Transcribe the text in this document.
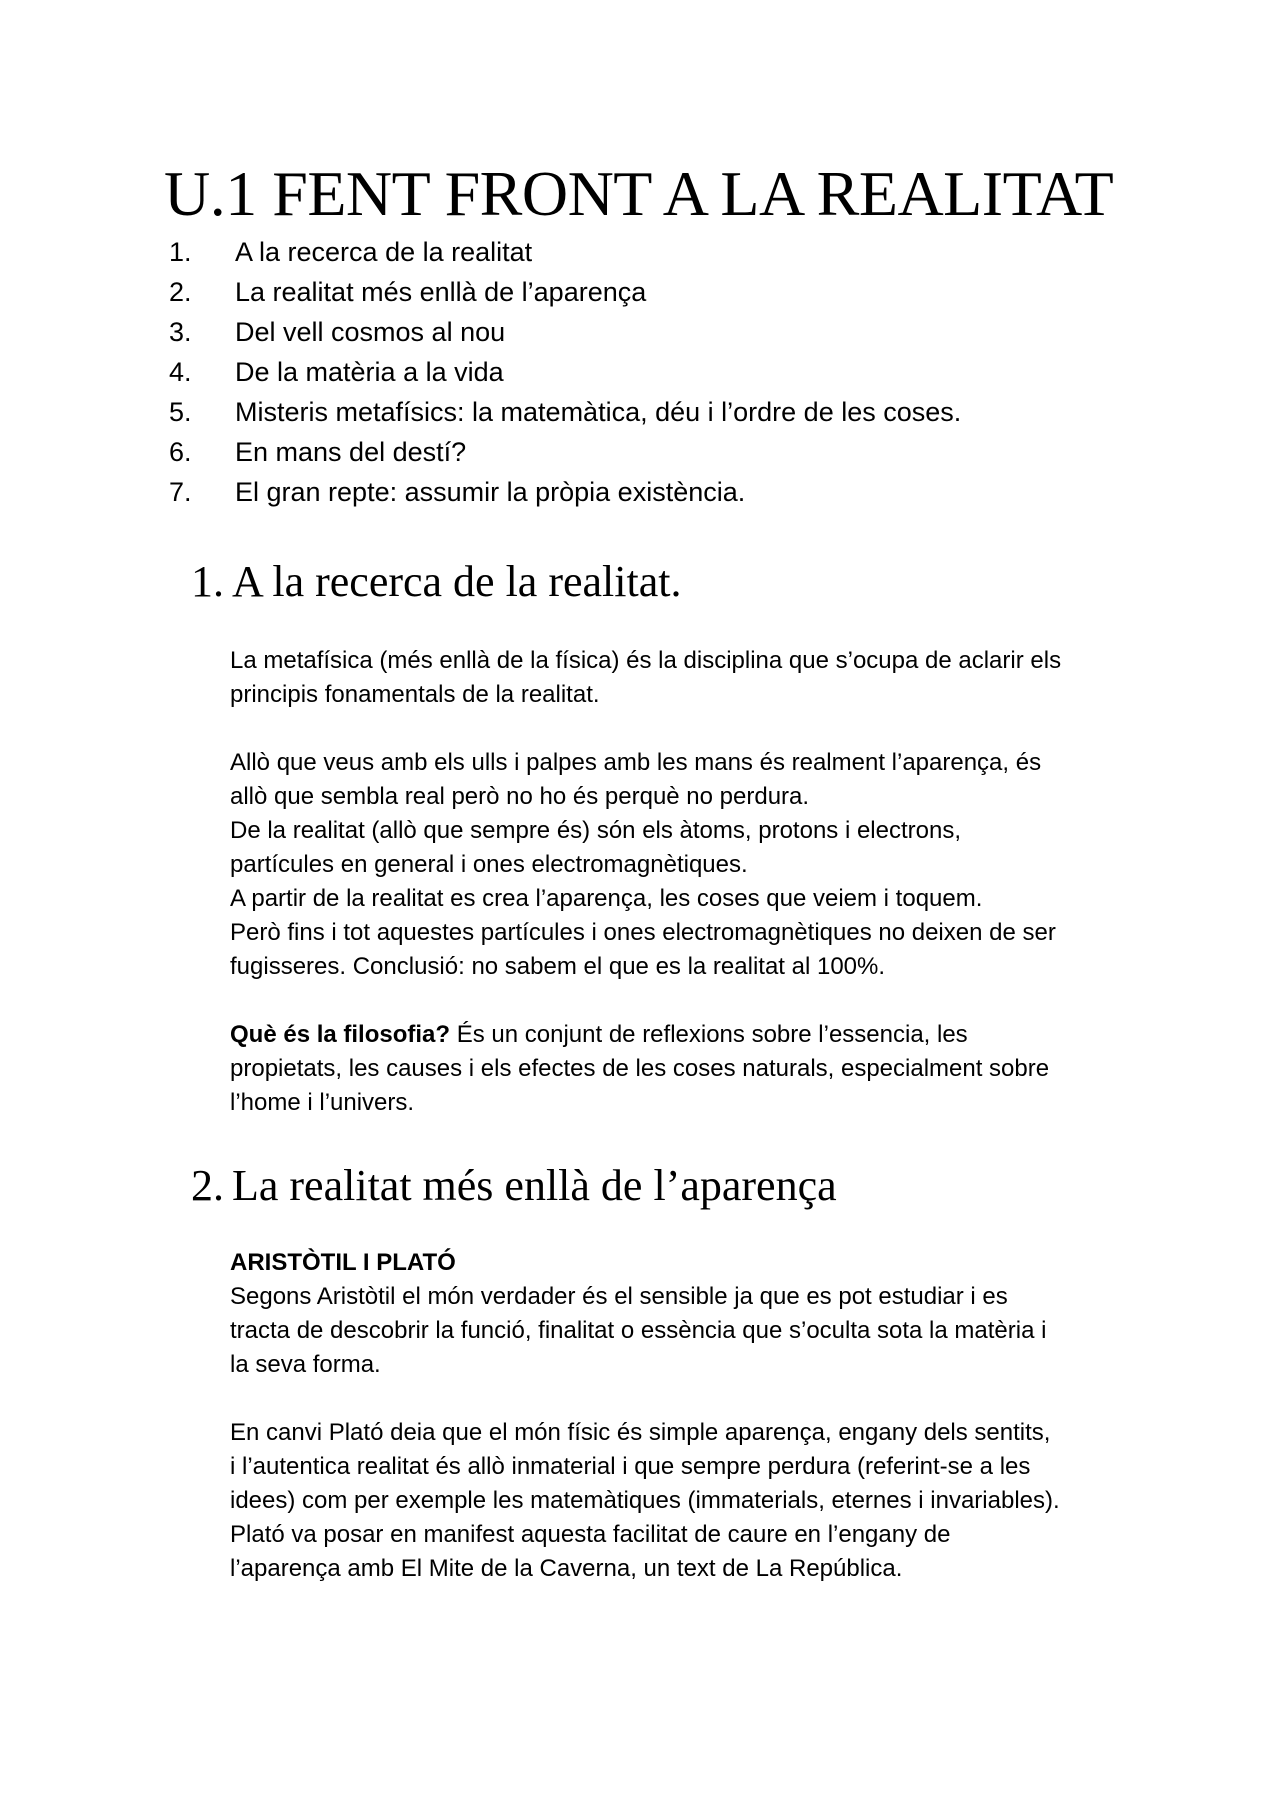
U.1 FENT FRONT A LA REALITAT
1.	A la recerca de la realitat
2.	La realitat més enllà de l’aparença
3.	Del vell cosmos al nou
4.	De la matèria a la vida
5.	Misteris metafísics: la matemàtica, déu i l’ordre de les coses.
6.	En mans del destí?
7.	El gran repte: assumir la pròpia existència.
1. A la recerca de la realitat.

La metafísica (més enllà de la física) és la disciplina que s’ocupa de aclarir els

principis fonamentals de la realitat.

Allò que veus amb els ulls i palpes amb les mans és realment l’aparença, és

allò que sembla real però no ho és perquè no perdura.

De la realitat (allò que sempre és) són els àtoms, protons i electrons,

partícules en general i ones electromagnètiques.

A partir de la realitat es crea l’aparença, les coses que veiem i toquem.

Però fins i tot aquestes partícules i ones electromagnètiques no deixen de ser

fugisseres. Conclusió: no sabem el que es la realitat al 100%.

Què és la filosofia? És un conjunt de reflexions sobre l’essencia, les

propietats, les causes i els efectes de les coses naturals, especialment sobre

l’home i l’univers.

2. La realitat més enllà de l’aparença

ARISTÒTIL I PLATÓ

Segons Aristòtil el món verdader és el sensible ja que es pot estudiar i es

tracta de descobrir la funció, finalitat o essència que s’oculta sota la matèria i

la seva forma.

En canvi Plató deia que el món físic és simple aparença, engany dels sentits,

i l’autentica realitat és allò inmaterial i que sempre perdura (referint-se a les

idees) com per exemple les matemàtiques (immaterials, eternes i invariables).

Plató va posar en manifest aquesta facilitat de caure en l’engany de

l’aparença amb El Mite de la Caverna, un text de La República.
